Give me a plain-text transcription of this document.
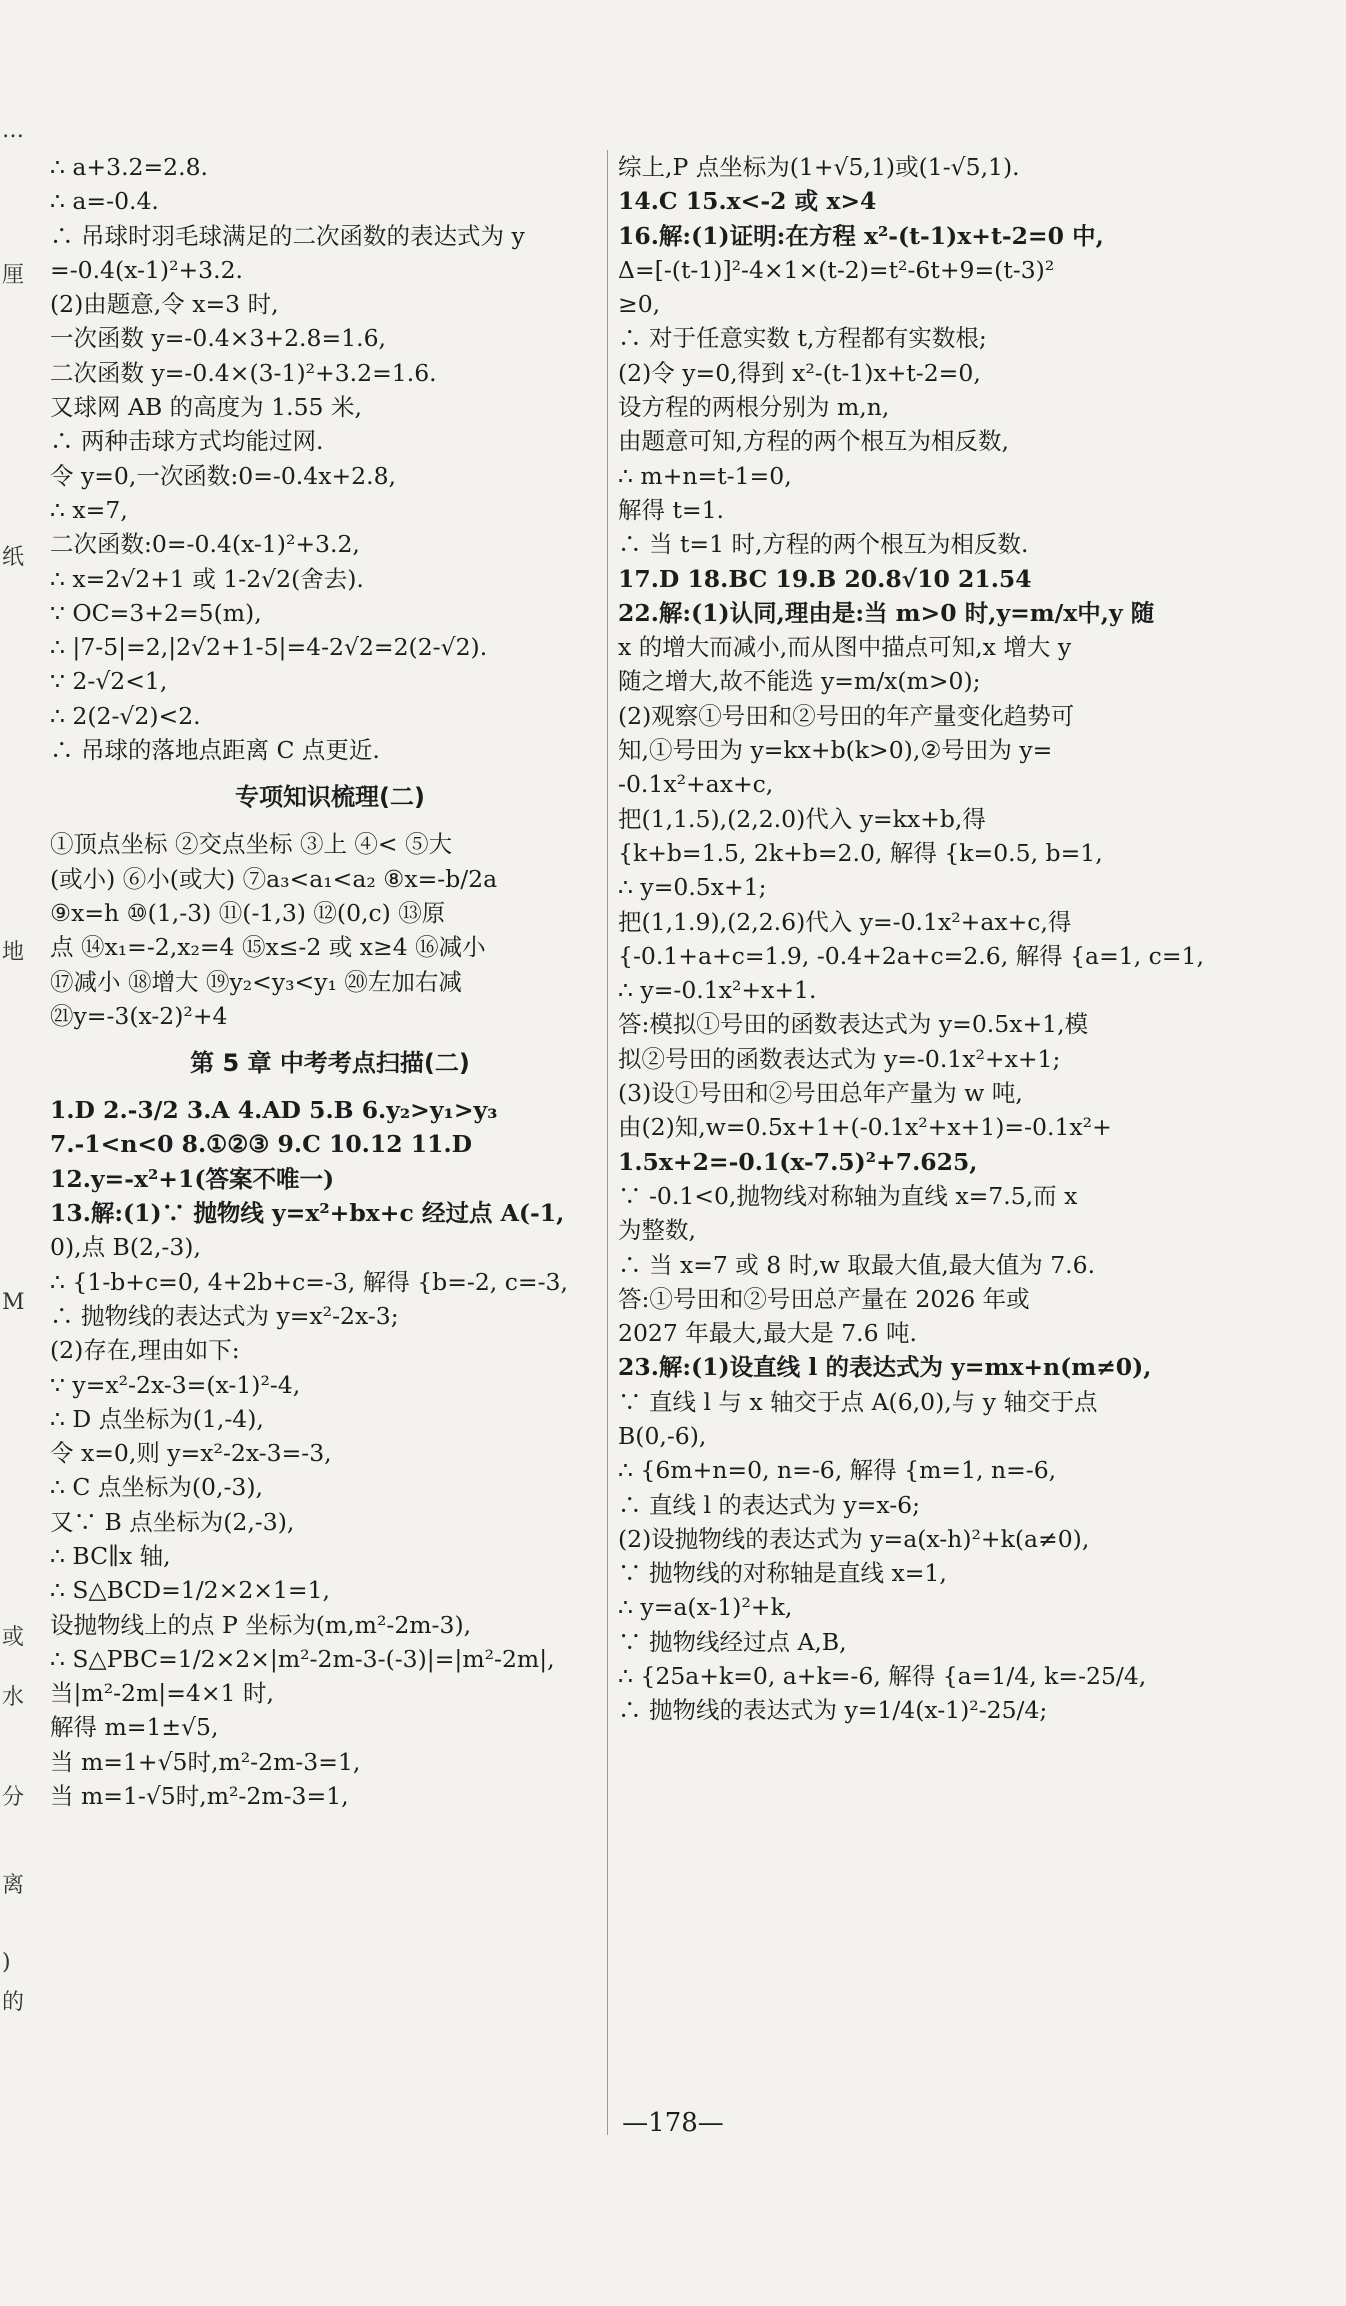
…
厘
纸
地
M
或
水
分
离
)
的
∴ a+3.2=2.8.
∴ a=-0.4.
∴ 吊球时羽毛球满足的二次函数的表达式为 y
=-0.4(x-1)²+3.2.
(2)由题意,令 x=3 时,
一次函数 y=-0.4×3+2.8=1.6,
二次函数 y=-0.4×(3-1)²+3.2=1.6.
又球网 AB 的高度为 1.55 米,
∴ 两种击球方式均能过网.
令 y=0,一次函数:0=-0.4x+2.8,
∴ x=7,
二次函数:0=-0.4(x-1)²+3.2,
∴ x=2√2+1 或 1-2√2(舍去).
∵ OC=3+2=5(m),
∴ |7-5|=2,|2√2+1-5|=4-2√2=2(2-√2).
∵ 2-√2<1,
∴ 2(2-√2)<2.
∴ 吊球的落地点距离 C 点更近.
专项知识梳理(二)
①顶点坐标 ②交点坐标 ③上 ④< ⑤大
(或小) ⑥小(或大) ⑦a₃<a₁<a₂ ⑧x=-b/2a
⑨x=h ⑩(1,-3) ⑪(-1,3) ⑫(0,c) ⑬原
点 ⑭x₁=-2,x₂=4 ⑮x≤-2 或 x≥4 ⑯减小
⑰减小 ⑱增大 ⑲y₂<y₃<y₁ ⑳左加右减
㉑y=-3(x-2)²+4
第 5 章 中考考点扫描(二)
1.D 2.-3/2 3.A 4.AD 5.B 6.y₂>y₁>y₃
7.-1<n<0 8.①②③ 9.C 10.12 11.D
12.y=-x²+1(答案不唯一)
13.解:(1)∵ 抛物线 y=x²+bx+c 经过点 A(-1,
0),点 B(2,-3),
∴ {1-b+c=0, 4+2b+c=-3, 解得 {b=-2, c=-3,
∴ 抛物线的表达式为 y=x²-2x-3;
(2)存在,理由如下:
∵ y=x²-2x-3=(x-1)²-4,
∴ D 点坐标为(1,-4),
令 x=0,则 y=x²-2x-3=-3,
∴ C 点坐标为(0,-3),
又∵ B 点坐标为(2,-3),
∴ BC∥x 轴,
∴ S△BCD=1/2×2×1=1,
设抛物线上的点 P 坐标为(m,m²-2m-3),
∴ S△PBC=1/2×2×|m²-2m-3-(-3)|=|m²-2m|,
当|m²-2m|=4×1 时,
解得 m=1±√5,
当 m=1+√5时,m²-2m-3=1,
当 m=1-√5时,m²-2m-3=1,
综上,P 点坐标为(1+√5,1)或(1-√5,1).
14.C 15.x<-2 或 x>4
16.解:(1)证明:在方程 x²-(t-1)x+t-2=0 中,
Δ=[-(t-1)]²-4×1×(t-2)=t²-6t+9=(t-3)²
≥0,
∴ 对于任意实数 t,方程都有实数根;
(2)令 y=0,得到 x²-(t-1)x+t-2=0,
设方程的两根分别为 m,n,
由题意可知,方程的两个根互为相反数,
∴ m+n=t-1=0,
解得 t=1.
∴ 当 t=1 时,方程的两个根互为相反数.
17.D 18.BC 19.B 20.8√10 21.54
22.解:(1)认同,理由是:当 m>0 时,y=m/x中,y 随
x 的增大而减小,而从图中描点可知,x 增大 y
随之增大,故不能选 y=m/x(m>0);
(2)观察①号田和②号田的年产量变化趋势可
知,①号田为 y=kx+b(k>0),②号田为 y=
-0.1x²+ax+c,
把(1,1.5),(2,2.0)代入 y=kx+b,得
{k+b=1.5, 2k+b=2.0, 解得 {k=0.5, b=1,
∴ y=0.5x+1;
把(1,1.9),(2,2.6)代入 y=-0.1x²+ax+c,得
{-0.1+a+c=1.9, -0.4+2a+c=2.6, 解得 {a=1, c=1,
∴ y=-0.1x²+x+1.
答:模拟①号田的函数表达式为 y=0.5x+1,模
拟②号田的函数表达式为 y=-0.1x²+x+1;
(3)设①号田和②号田总年产量为 w 吨,
由(2)知,w=0.5x+1+(-0.1x²+x+1)=-0.1x²+
1.5x+2=-0.1(x-7.5)²+7.625,
∵ -0.1<0,抛物线对称轴为直线 x=7.5,而 x
为整数,
∴ 当 x=7 或 8 时,w 取最大值,最大值为 7.6.
答:①号田和②号田总产量在 2026 年或
2027 年最大,最大是 7.6 吨.
23.解:(1)设直线 l 的表达式为 y=mx+n(m≠0),
∵ 直线 l 与 x 轴交于点 A(6,0),与 y 轴交于点
B(0,-6),
∴ {6m+n=0, n=-6, 解得 {m=1, n=-6,
∴ 直线 l 的表达式为 y=x-6;
(2)设抛物线的表达式为 y=a(x-h)²+k(a≠0),
∵ 抛物线的对称轴是直线 x=1,
∴ y=a(x-1)²+k,
∵ 抛物线经过点 A,B,
∴ {25a+k=0, a+k=-6, 解得 {a=1/4, k=-25/4,
∴ 抛物线的表达式为 y=1/4(x-1)²-25/4;
—178—
